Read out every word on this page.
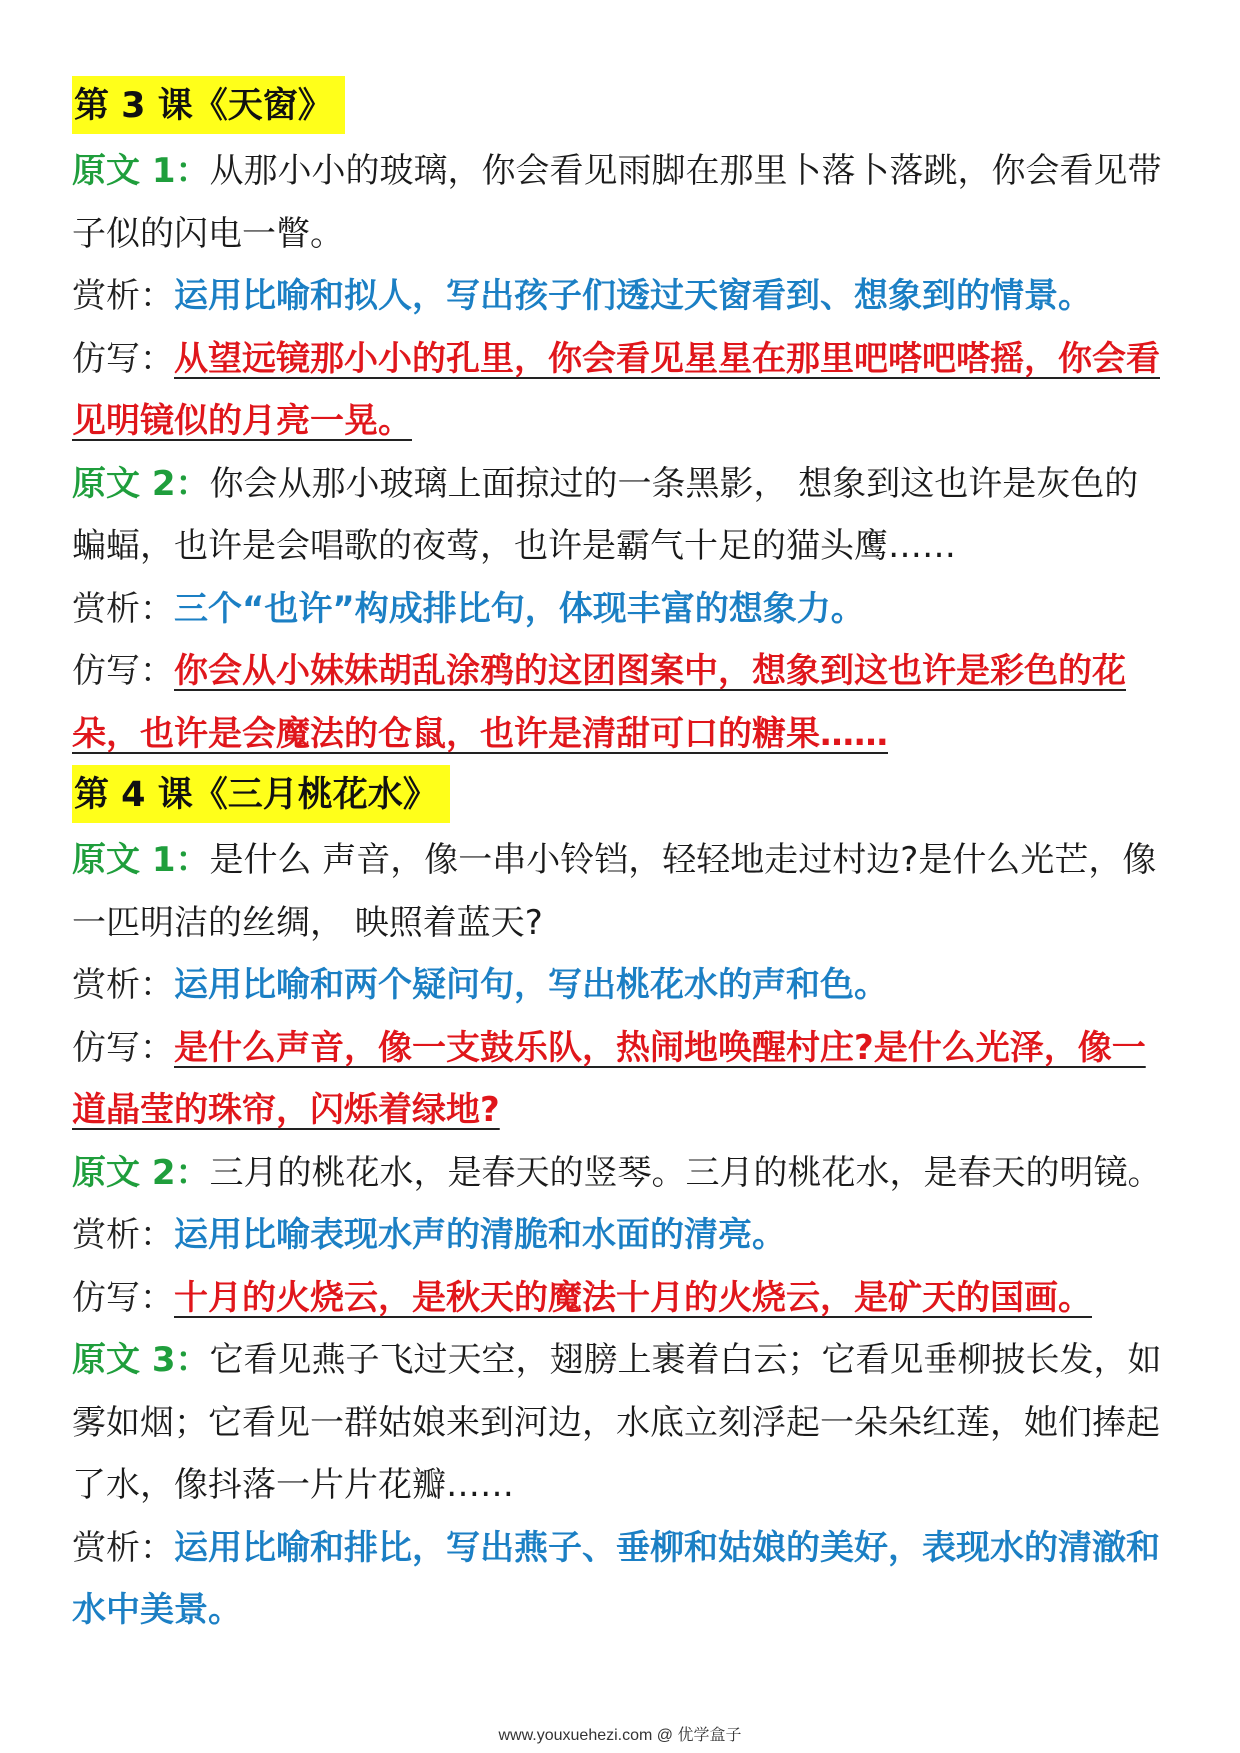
第 3 课《天窗》

原文 1：从那小小的玻璃，你会看见雨脚在那里卜落卜落跳，你会看见带子似的闪电一瞥。

赏析：运用比喻和拟人，写出孩子们透过天窗看到、想象到的情景。

仿写：从望远镜那小小的孔里，你会看见星星在那里吧嗒吧嗒摇，你会看见明镜似的月亮一晃。

原文 2：你会从那小玻璃上面掠过的一条黑影， 想象到这也许是灰色的蝙蝠，也许是会唱歌的夜莺，也许是霸气十足的猫头鹰……

赏析：三个“也许”构成排比句，体现丰富的想象力。

仿写：你会从小妹妹胡乱涂鸦的这团图案中，想象到这也许是彩色的花朵，也许是会魔法的仓鼠，也许是清甜可口的糖果……

第 4 课《三月桃花水》

原文 1：是什么 声音，像一串小铃铛，轻轻地走过村边?是什么光芒，像一匹明洁的丝绸， 映照着蓝天?

赏析：运用比喻和两个疑问句，写出桃花水的声和色。

仿写：是什么声音，像一支鼓乐队，热闹地唤醒村庄?是什么光泽，像一道晶莹的珠帘，闪烁着绿地?

原文 2：三月的桃花水，是春天的竖琴。三月的桃花水，是春天的明镜。

赏析：运用比喻表现水声的清脆和水面的清亮。

仿写：十月的火烧云，是秋天的魔法十月的火烧云，是矿天的国画。

原文 3：它看见燕子飞过天空，翅膀上裹着白云；它看见垂柳披长发，如雾如烟；它看见一群姑娘来到河边，水底立刻浮起一朵朵红莲，她们捧起了水，像抖落一片片花瓣……

赏析：运用比喻和排比，写出燕子、垂柳和姑娘的美好，表现水的清澈和水中美景。

www.youxuehezi.com @ 优学盒子
